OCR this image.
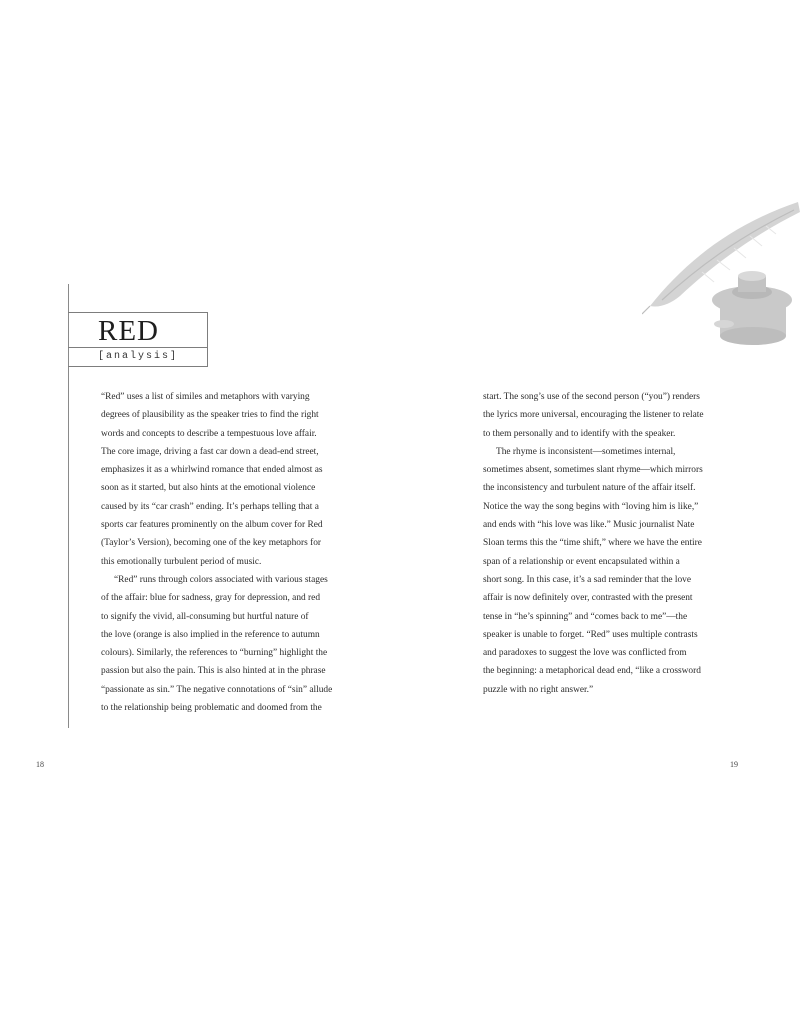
RED
[analysis]
“Red” uses a list of similes and metaphors with varying
degrees of plausibility as the speaker tries to find the right
words and concepts to describe a tempestuous love affair.
The core image, driving a fast car down a dead-end street,
emphasizes it as a whirlwind romance that ended almost as
soon as it started, but also hints at the emotional violence
caused by its “car crash” ending. It’s perhaps telling that a
sports car features prominently on the album cover for Red
(Taylor’s Version), becoming one of the key metaphors for
this emotionally turbulent period of music.
“Red” runs through colors associated with various stages
of the affair: blue for sadness, gray for depression, and red
to signify the vivid, all-consuming but hurtful nature of
the love (orange is also implied in the reference to autumn
colours). Similarly, the references to “burning” highlight the
passion but also the pain. This is also hinted at in the phrase
“passionate as sin.” The negative connotations of “sin” allude
to the relationship being problematic and doomed from the
18
start. The song’s use of the second person (“you”) renders
the lyrics more universal, encouraging the listener to relate
to them personally and to identify with the speaker.
The rhyme is inconsistent—sometimes internal,
sometimes absent, sometimes slant rhyme—which mirrors
the inconsistency and turbulent nature of the affair itself.
Notice the way the song begins with “loving him is like,”
and ends with “his love was like.” Music journalist Nate
Sloan terms this the “time shift,” where we have the entire
span of a relationship or event encapsulated within a
short song. In this case, it’s a sad reminder that the love
affair is now definitely over, contrasted with the present
tense in “he’s spinning” and “comes back to me”—the
speaker is unable to forget. “Red” uses multiple contrasts
and paradoxes to suggest the love was conflicted from
the beginning: a metaphorical dead end, “like a crossword
puzzle with no right answer.”
19
